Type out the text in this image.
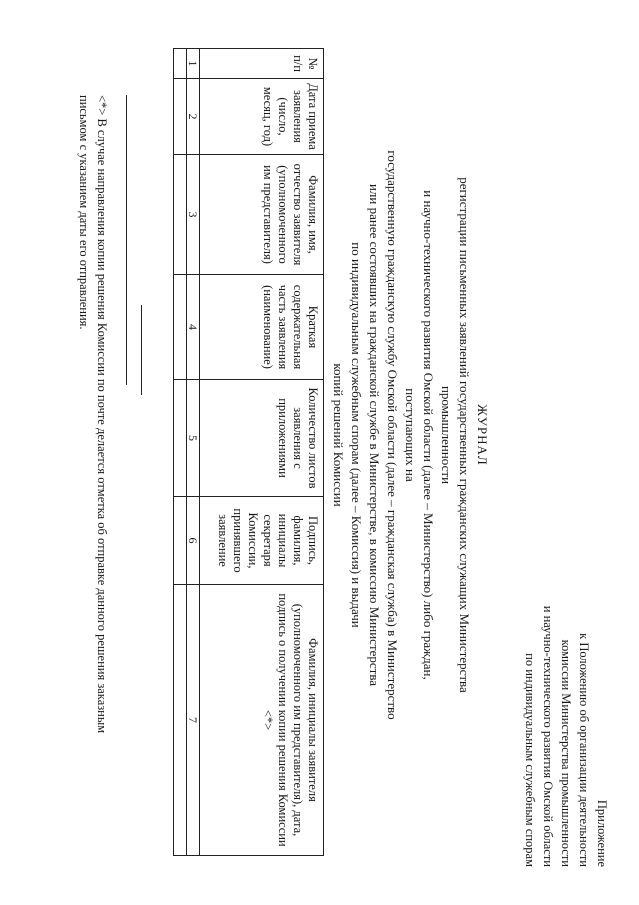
Приложение
к Положению об организации деятельности
комиссии Министерства промышленности
и научно-технического развития Омской области
по индивидуальным служебным спорам
ЖУРНАЛ
регистрации письменных заявлений государственных гражданских служащих Министерства промышленности
и научно-технического развития Омской области (далее – Министерство) либо граждан, поступающих на
государственную гражданскую службу Омской области (далее – гражданская служба) в Министерство
или ранее состоявших на гражданской службе в Министерстве, в комиссию Министерства
по индивидуальным служебным спорам (далее – Комиссия) и выдачи
копий решений Комиссии
№ п/п	Дата приема заявления (число, месяц, год)	Фамилия, имя, отчество заявителя (уполномоченного им представителя)	Краткая содержательная часть заявления (наименование)	Количество листов заявления с приложениями	Подпись, фамилия, инициалы секретаря Комиссии, принявшего заявление	Фамилия, инициалы заявителя (уполномоченного им представителя), дата, подпись о получении копии решения Комиссии <*>
1	2	3	4	5	6	7

<*> В случае направления копии решения Комиссии по почте делается отметка об отправке данного решения заказным
письмом с указанием даты его отправления.
